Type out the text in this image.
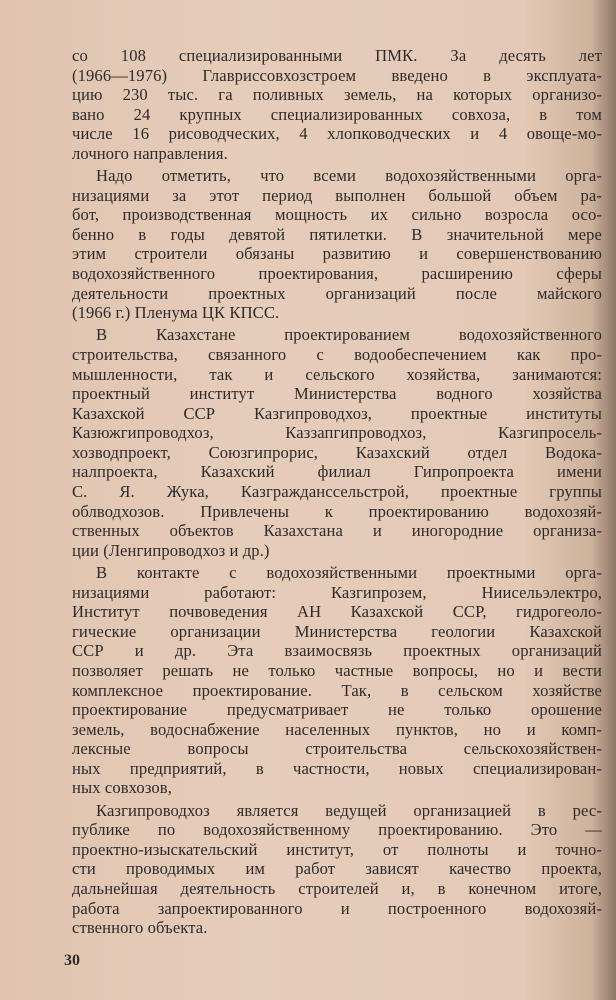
со 108 специализированными ПМК. За десять лет
(1966—1976) Главриссовхозстроем введено в эксплуата-
цию 230 тыс. га поливных земель, на которых организо-
вано 24 крупных специализированных совхоза, в том
числе 16 рисоводческих, 4 хлопководческих и 4 овоще-мо-
лочного направления.
Надо отметить, что всеми водохозяйственными орга-
низациями за этот период выполнен большой объем ра-
бот, производственная мощность их сильно возросла осо-
бенно в годы девятой пятилетки. В значительной мере
этим строители обязаны развитию и совершенствованию
водохозяйственного проектирования, расширению сферы
деятельности проектных организаций после майского
(1966 г.) Пленума ЦК КПСС.
В Казахстане проектированием водохозяйственного
строительства, связанного с водообеспечением как про-
мышленности, так и сельского хозяйства, занимаются:
проектный институт Министерства водного хозяйства
Казахской ССР Казгипроводхоз, проектные институты
Казюжгипроводхоз, Каззапгипроводхоз, Казгипросель-
хозводпроект, Союзгипрорис, Казахский отдел Водока-
налпроекта, Казахский филиал Гипропроекта имени
С. Я. Жука, Казгражданссельстрой, проектные группы
облводхозов. Привлечены к проектированию водохозяй-
ственных объектов Казахстана и иногородние организа-
ции (Ленгипроводхоз и др.)
В контакте с водохозяйственными проектными орга-
низациями работают: Казгипрозем, Ниисельэлектро,
Институт почвоведения АН Казахской ССР, гидрогеоло-
гические организации Министерства геологии Казахской
ССР и др. Эта взаимосвязь проектных организаций
позволяет решать не только частные вопросы, но и вести
комплексное проектирование. Так, в сельском хозяйстве
проектирование предусматривает не только орошение
земель, водоснабжение населенных пунктов, но и комп-
лексные вопросы строительства сельскохозяйствен-
ных предприятий, в частности, новых специализирован-
ных совхозов,
Казгипроводхоз является ведущей организацией в рес-
публике по водохозяйственному проектированию. Это —
проектно-изыскательский институт, от полноты и точно-
сти проводимых им работ зависят качество проекта,
дальнейшая деятельность строителей и, в конечном итоге,
работа запроектированного и построенного водохозяй-
ственного объекта.
30
